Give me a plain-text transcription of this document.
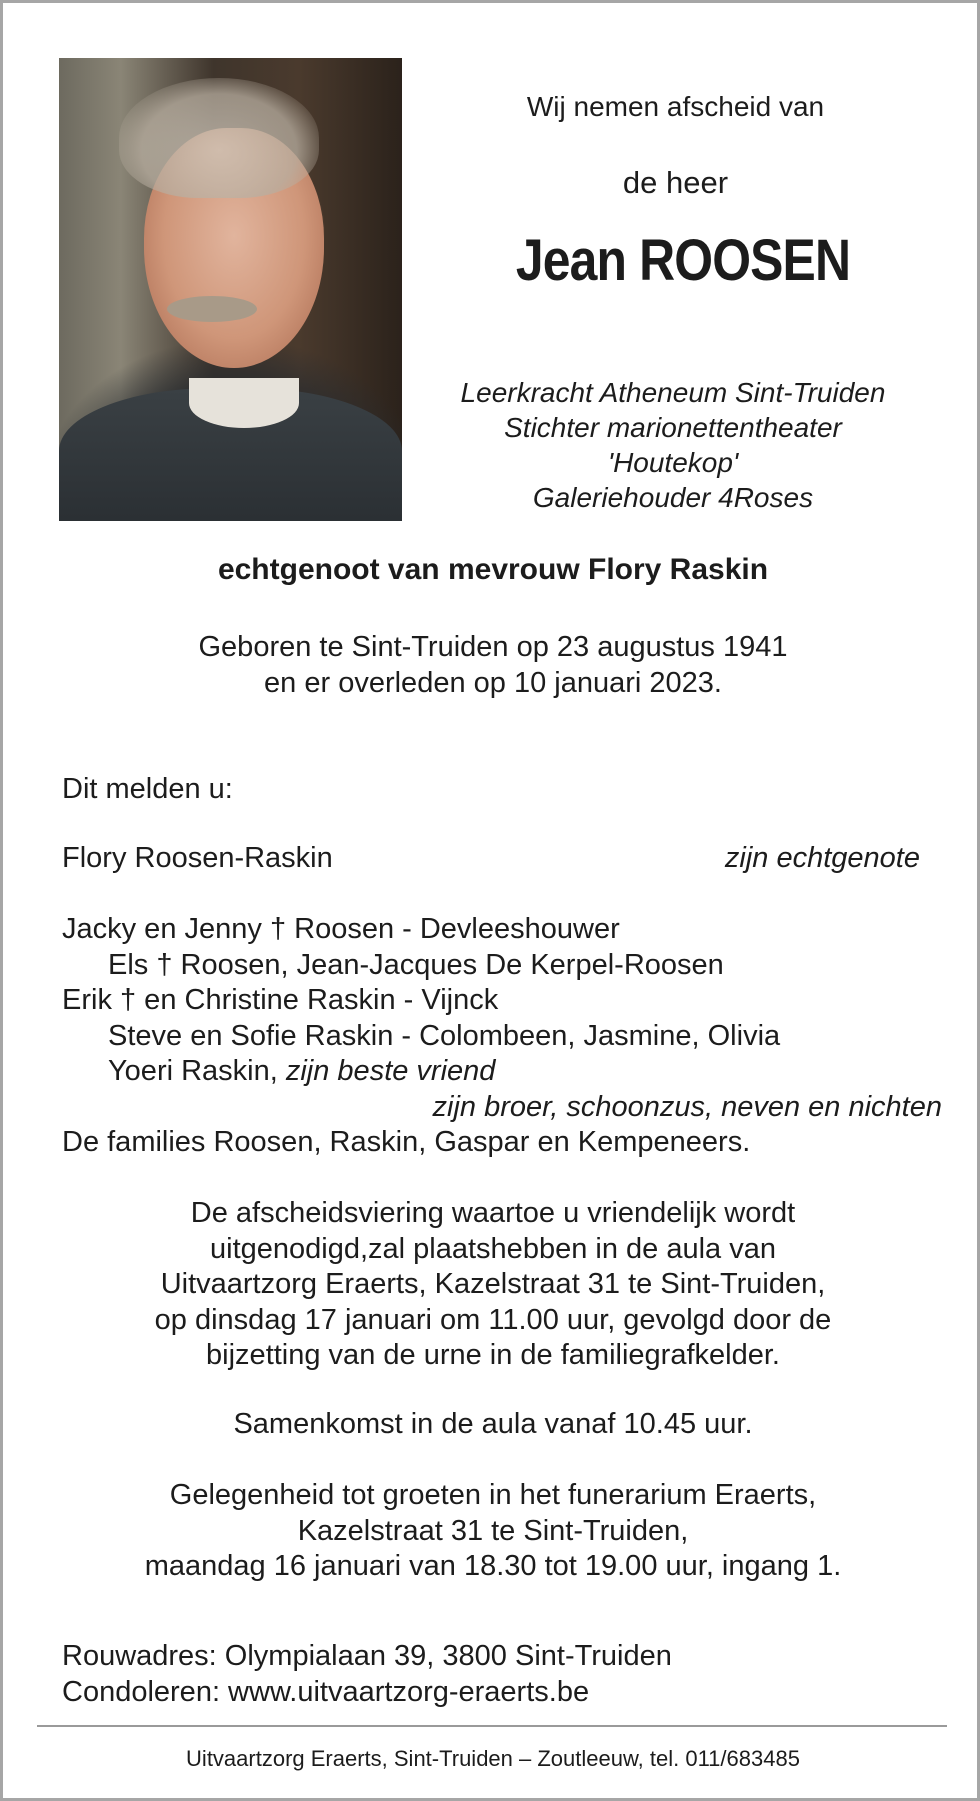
Wij nemen afscheid van
de heer
Jean ROOSEN
Leerkracht Atheneum Sint-Truiden
Stichter marionettentheater
'Houtekop'
Galeriehouder 4Roses
echtgenoot van mevrouw Flory Raskin
Geboren te Sint-Truiden op 23 augustus 1941
en er overleden op 10 januari 2023.
Dit melden u:
Flory Roosen-Raskin	zijn echtgenote
Jacky en Jenny † Roosen - Devleeshouwer
Els † Roosen, Jean-Jacques De Kerpel-Roosen
Erik † en Christine Raskin - Vijnck
Steve en Sofie Raskin - Colombeen, Jasmine, Olivia
Yoeri Raskin, zijn beste vriend
zijn broer, schoonzus, neven en nichten
De families Roosen, Raskin, Gaspar en Kempeneers.
De afscheidsviering waartoe u vriendelijk wordt
uitgenodigd,zal plaatshebben in de aula van
Uitvaartzorg Eraerts, Kazelstraat 31 te Sint-Truiden,
op dinsdag 17 januari om 11.00 uur, gevolgd door de
bijzetting van de urne in de familiegrafkelder.
Samenkomst in de aula vanaf 10.45 uur.
Gelegenheid tot groeten in het funerarium Eraerts,
Kazelstraat 31 te Sint-Truiden,
maandag 16 januari van 18.30 tot 19.00 uur, ingang 1.
Rouwadres: Olympialaan 39, 3800 Sint-Truiden
Condoleren: www.uitvaartzorg-eraerts.be
Uitvaartzorg Eraerts, Sint-Truiden – Zoutleeuw, tel. 011/683485
